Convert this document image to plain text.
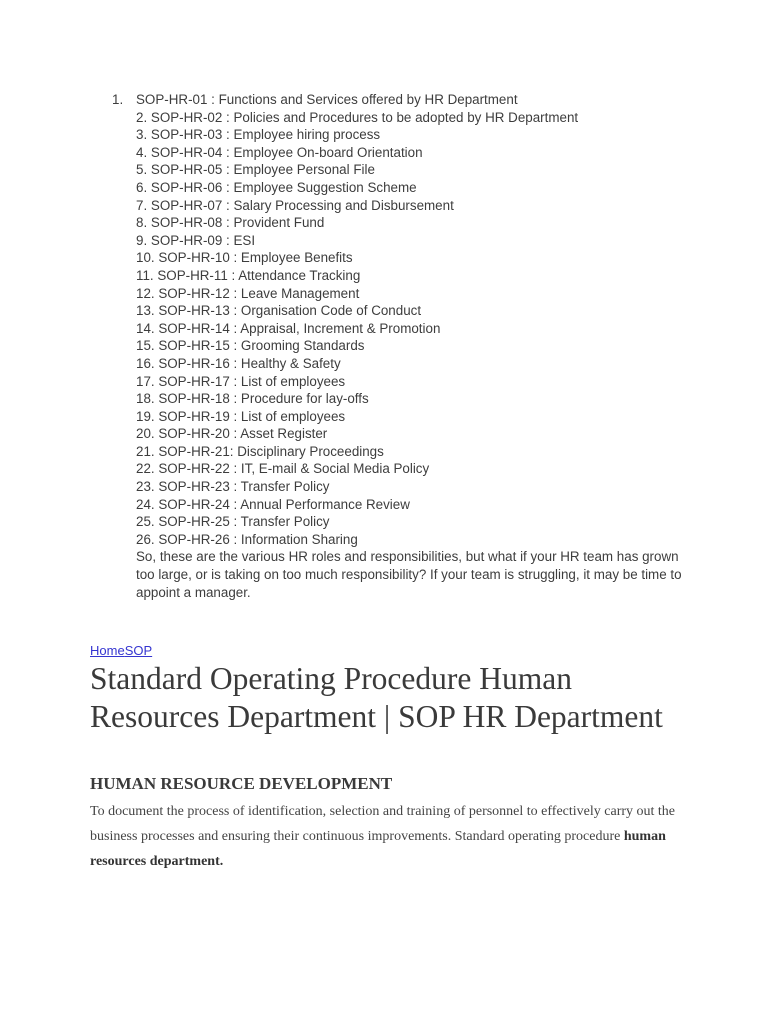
1. SOP-HR-01 : Functions and Services offered by HR Department
2. SOP-HR-02 : Policies and Procedures to be adopted by HR Department
3. SOP-HR-03 : Employee hiring process
4. SOP-HR-04 : Employee On-board Orientation
5. SOP-HR-05 : Employee Personal File
6. SOP-HR-06 : Employee Suggestion Scheme
7. SOP-HR-07 : Salary Processing and Disbursement
8. SOP-HR-08 : Provident Fund
9. SOP-HR-09 : ESI
10. SOP-HR-10 : Employee Benefits
11. SOP-HR-11 : Attendance Tracking
12. SOP-HR-12 : Leave Management
13. SOP-HR-13 : Organisation Code of Conduct
14. SOP-HR-14 : Appraisal, Increment & Promotion
15. SOP-HR-15 : Grooming Standards
16. SOP-HR-16 : Healthy & Safety
17. SOP-HR-17 : List of employees
18. SOP-HR-18 : Procedure for lay-offs
19. SOP-HR-19 : List of employees
20. SOP-HR-20 : Asset Register
21. SOP-HR-21: Disciplinary Proceedings
22. SOP-HR-22 : IT, E-mail & Social Media Policy
23. SOP-HR-23 : Transfer Policy
24. SOP-HR-24 : Annual Performance Review
25. SOP-HR-25 : Transfer Policy
26. SOP-HR-26 : Information Sharing
So, these are the various HR roles and responsibilities, but what if your HR team has grown too large, or is taking on too much responsibility? If your team is struggling, it may be time to appoint a manager.
HomeSOP
Standard Operating Procedure Human Resources Department | SOP HR Department
HUMAN RESOURCE DEVELOPMENT

To document the process of identification, selection and training of personnel to effectively carry out the business processes and ensuring their continuous improvements. Standard operating procedure human resources department.
